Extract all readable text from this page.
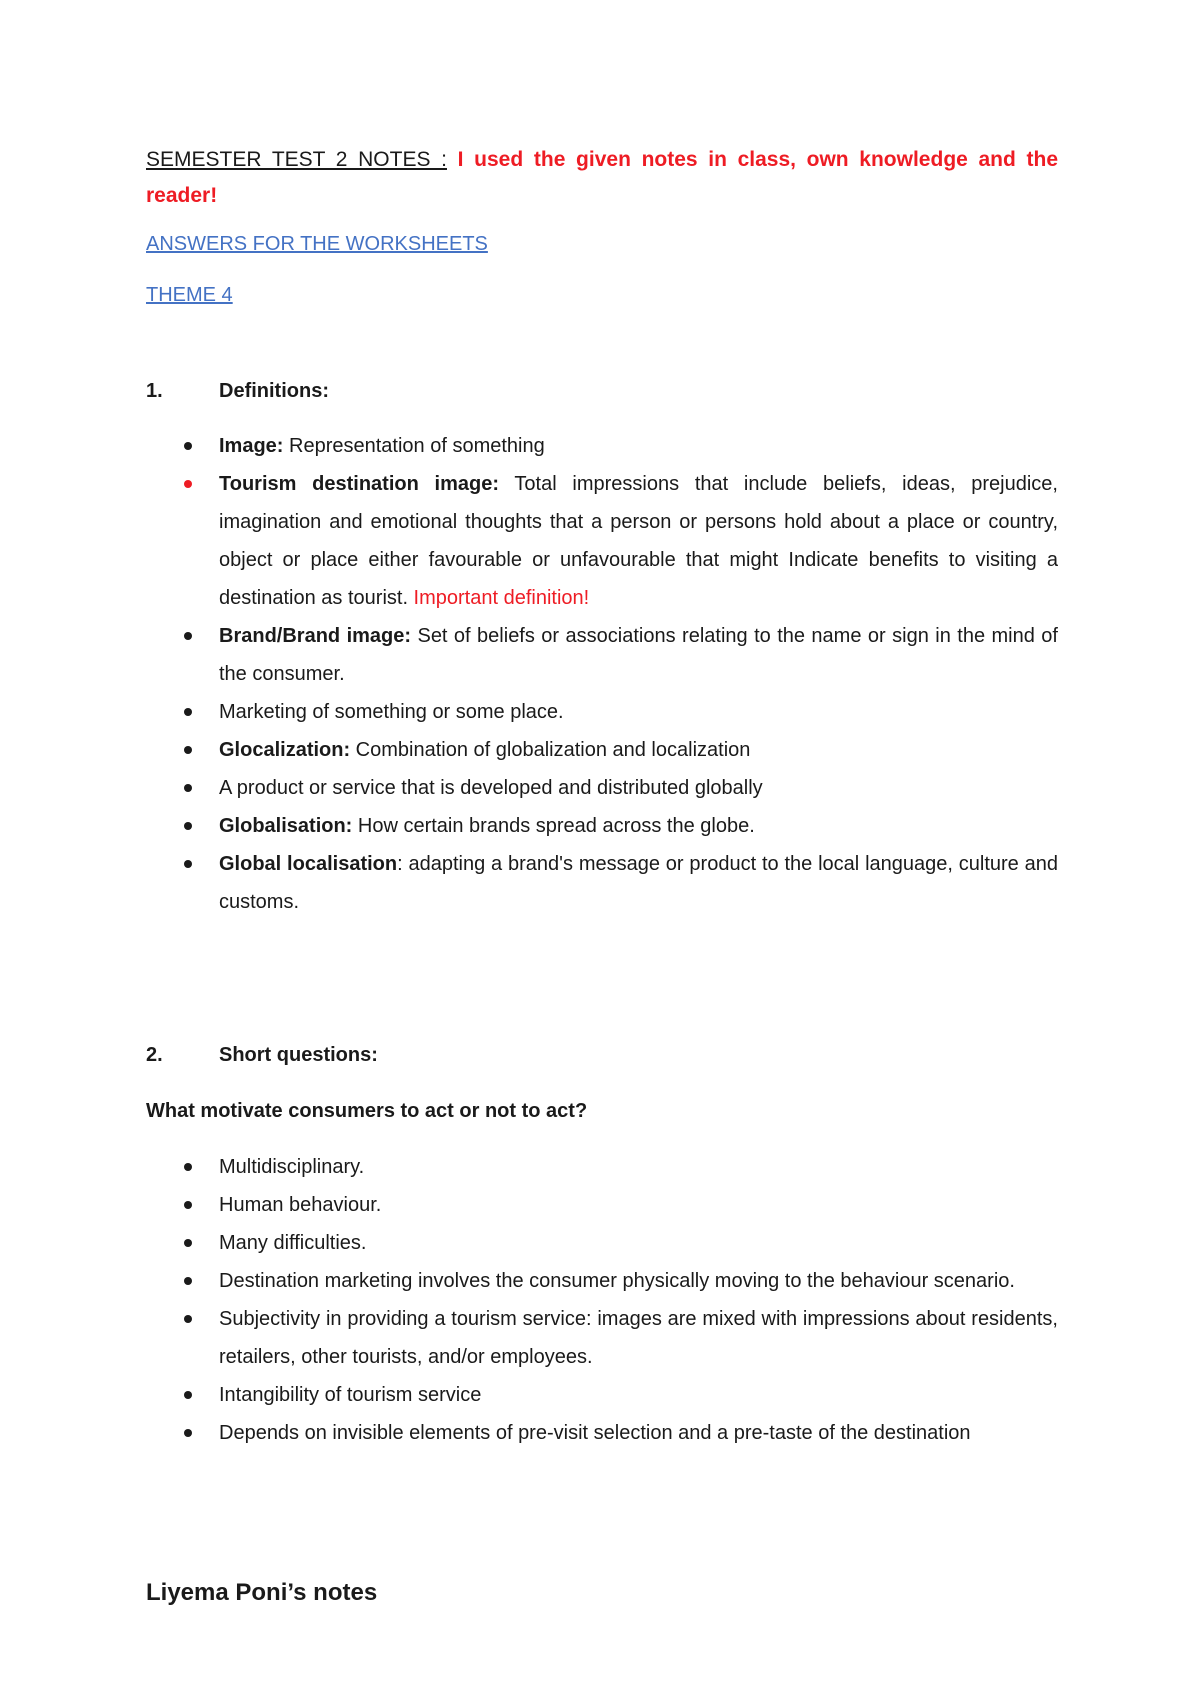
SEMESTER TEST 2 NOTES : I used the given notes in class, own knowledge and the
reader!
ANSWERS FOR THE WORKSHEETS
THEME 4
1.	Definitions:
Image: Representation of something
Tourism destination image: Total impressions that include beliefs, ideas, prejudice, imagination and emotional thoughts that a person or persons hold about a place or country, object or place either favourable or unfavourable that might Indicate benefits to visiting a destination as tourist. Important definition!
Brand/Brand image: Set of beliefs or associations relating to the name or sign in the mind of the consumer.
Marketing of something or some place.
Glocalization: Combination of globalization and localization
A product or service that is developed and distributed globally
Globalisation: How certain brands spread across the globe.
Global localisation: adapting a brand's message or product to the local language, culture and customs.
2.	Short questions:
What motivate consumers to act or not to act?
Multidisciplinary.
Human behaviour.
Many difficulties.
Destination marketing involves the consumer physically moving to the behaviour scenario.
Subjectivity in providing a tourism service: images are mixed with impressions about residents, retailers, other tourists, and/or employees.
Intangibility of tourism service
Depends on invisible elements of pre-visit selection and a pre-taste of the destination
Liyema Poni’s notes
